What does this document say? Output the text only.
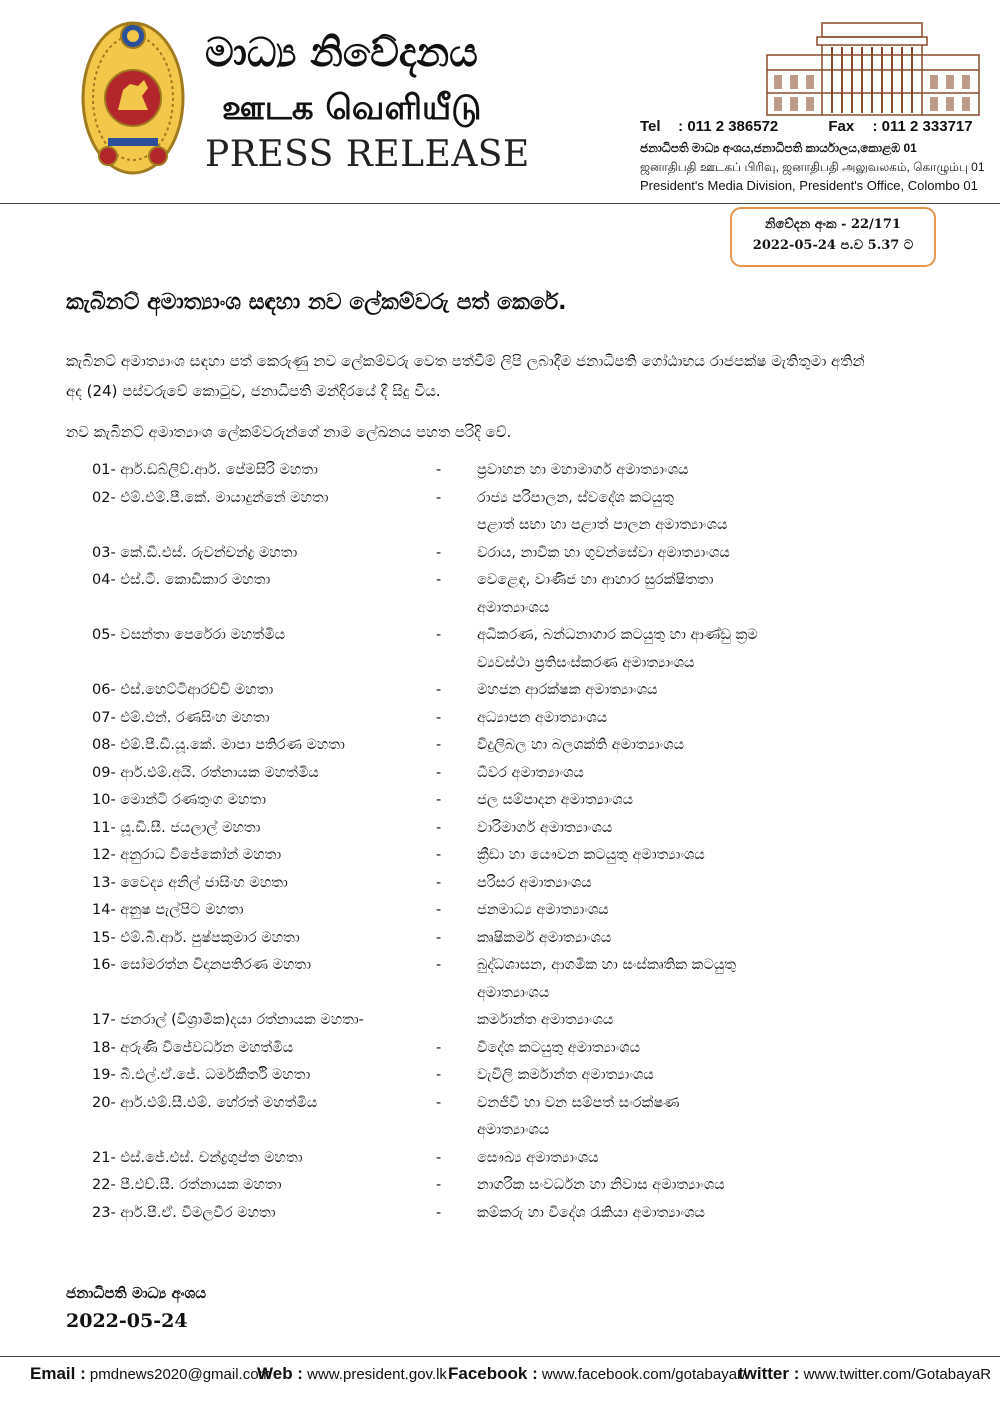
මාධ්‍ය නිවේදනය
ஊடக வெளியீடு
PRESS RELEASE
Tel : 011 2 386572	Fax : 011 2 333717
ජනාධිපති මාධ්‍ය අංශය,ජනාධිපති කාර්යාලය,කොළඹ 01
ஜனாதிபதி ஊடகப் பிரிவு, ஜனாதிபதி அலுவலகம், கொழும்பு 01
President's Media Division, President's Office, Colombo 01
නිවේදන අංක - 22/171
2022-05-24 ප.ව 5.37 ට
කැබිනට් අමාත්‍යාංශ සඳහා නව ලේකම්වරු පත් කෙරේ.
කැබිනට් අමාත්‍යාංශ සඳහා පත් කෙරුණු නව ලේකම්වරු වෙත පත්වීම් ලිපි ලබාදීම ජනාධිපති ගෝඨාභය රාජපක්ෂ මැතිතුමා අතින් අද (24) පස්වරුවේ කොටුව, ජනාධිපති මන්දිරයේ දී සිදු විය.
නව කැබිනට් අමාත්‍යාංශ ලේකම්වරුන්ගේ නාම ලේඛනය පහත පරිදි වේ.
01- ආර්.ඩබ්ලිව්.ආර්. පේමසිරි මහතා	- ප්‍රවාහන හා මහාමාර්ග අමාත්‍යාංශය
02- එම්.එම්.පී.කේ. මායාදුන්නේ මහතා	- රාජ්‍ය පරිපාලන, ස්වදේශ කටයුතු
පළාත් සභා හා පළාත් පාලන අමාත්‍යාංශය
03- කේ.ඩී.එස්. රුවන්චන්ද්‍ර මහතා	- වරාය, නාවික හා ගුවන්සේවා අමාත්‍යාංශය
04- එස්.ටී. කොඩිකාර මහතා	- වෙළෙඳ, වාණිජ හා ආහාර සුරක්ෂිතතා
අමාත්‍යාංශය
05- වසන්තා පෙරේරා මහත්මිය	- අධිකරණ, බන්ධනාගාර කටයුතු හා ආණ්ඩු ක්‍රම
ව්‍යවස්ථා ප්‍රතිසංස්කරණ අමාත්‍යාංශය
06- එස්.හෙට්ටිආරච්චි මහතා	- මහජන ආරක්ෂක අමාත්‍යාංශය
07- එම්.එන්. රණසිංහ මහතා	- අධ්‍යාපන අමාත්‍යාංශය
08- එම්.පී.ඩී.යූ.කේ. මාපා පතිරණ මහතා	- විදුලිබල හා බලශක්ති අමාත්‍යාංශය
09- ආර්.එම්.අයි. රත්නායක මහත්මිය	- ධීවර අමාත්‍යාංශය
10- මොන්ටි රණතුංග මහතා	- ජල සම්පාදන අමාත්‍යාංශය
11- යූ.ඩී.සී. ජයලාල් මහතා	- වාරිමාර්ග අමාත්‍යාංශය
12- අනුරාධ විජේකෝන් මහතා	- ක්‍රීඩා හා යෞවන කටයුතු අමාත්‍යාංශය
13- වෛද්‍ය අනිල් ජාසිංහ මහතා	- පරිසර අමාත්‍යාංශය
14- අනුෂ පැල්පිට මහතා	- ජනමාධ්‍ය අමාත්‍යාංශය
15- එම්.බී.ආර්. පුෂ්පකුමාර මහතා	- කෘෂිකර්ම අමාත්‍යාංශය
16- සෝමරත්න විදානපතිරණ මහතා	- බුද්ධශාසන, ආගමික හා සංස්කෘතික කටයුතු
අමාත්‍යාංශය
17- ජනරාල් (විශ්‍රාමික)දයා රත්නායක මහතා-	කර්මාන්ත අමාත්‍යාංශය
18- අරුණි විජේවර්ධන මහත්මිය	- විදේශ කටයුතු අමාත්‍යාංශය
19- බී.එල්.ඒ.ජේ. ධර්මකීර්ති මහතා	- වැවිලි කර්මාන්ත අමාත්‍යාංශය
20- ආර්.එම්.සී.එම්. හේරත් මහත්මිය	- වනජීවී හා වන සම්පත් සංරක්ෂණ
අමාත්‍යාංශය
21- එස්.ජේ.එස්. චන්ද්‍රගුප්ත මහතා	- සෞඛ්‍ය අමාත්‍යාංශය
22- පී.එච්.සී. රත්නායක මහතා	- නාගරික සංවර්ධන හා නිවාස අමාත්‍යාංශය
23- ආර්.පී.ඒ. විමලවීර මහතා	- කම්කරු හා විදේශ රැකියා අමාත්‍යාංශය
ජනාධිපති මාධ්‍ය අංශය
2022-05-24
Email : pmdnews2020@gmail.com
Web : www.president.gov.lk Facebook : www.facebook.com/gotabayar/
twitter : www.twitter.com/GotabayaR
